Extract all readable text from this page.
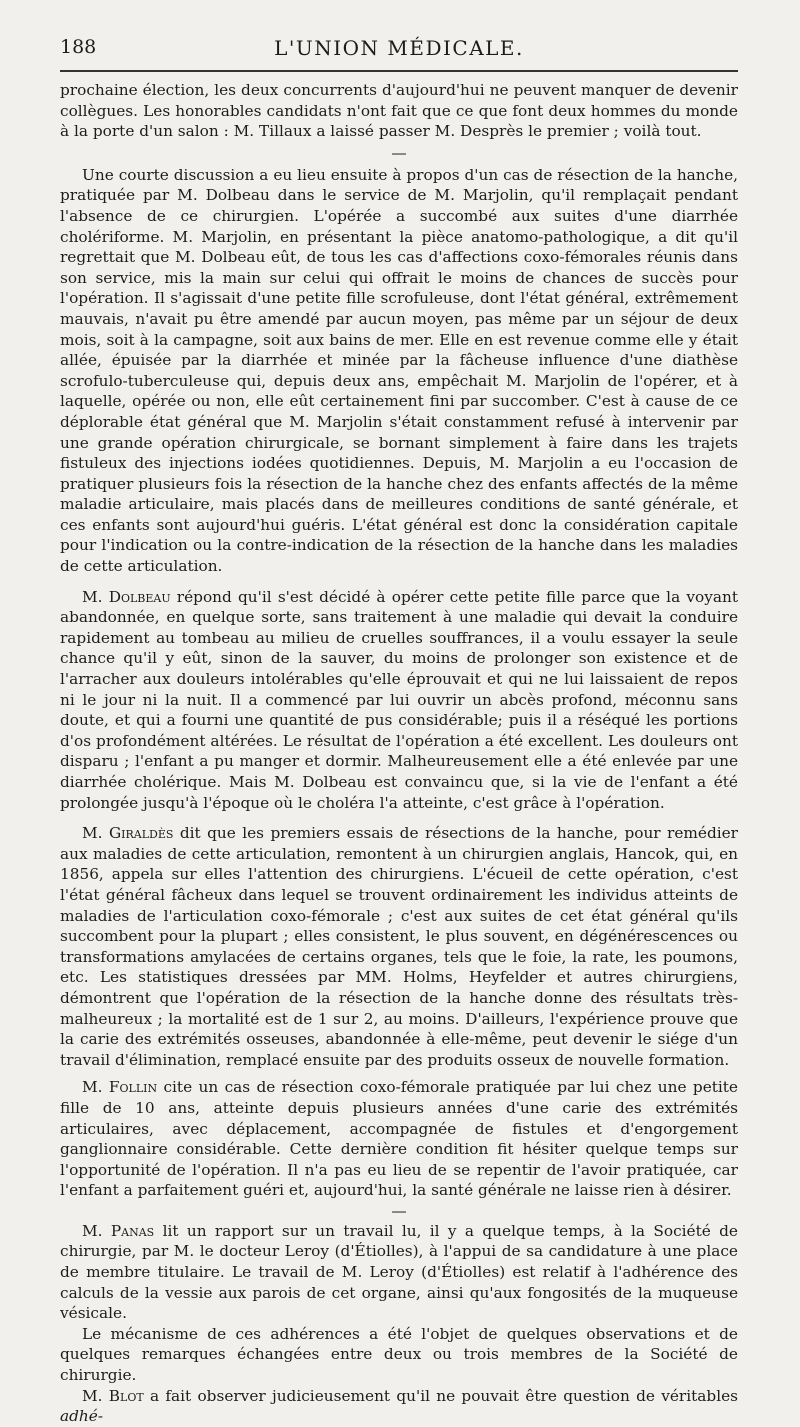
188	L'UNION MÉDICALE.

prochaine élection, les deux concurrents d'aujourd'hui ne peuvent manquer de devenir collègues. Les honorables candidats n'ont fait que ce que font deux hommes du monde à la porte d'un salon : M. Tillaux a laissé passer M. Desprès le premier ; voilà tout.

—

Une courte discussion a eu lieu ensuite à propos d'un cas de résection de la hanche, pratiquée par M. Dolbeau dans le service de M. Marjolin, qu'il remplaçait pendant l'absence de ce chirurgien. L'opérée a succombé aux suites d'une diarrhée cholériforme. M. Marjolin, en présentant la pièce anatomo-pathologique, a dit qu'il regrettait que M. Dolbeau eût, de tous les cas d'affections coxo-fémorales réunis dans son service, mis la main sur celui qui offrait le moins de chances de succès pour l'opération. Il s'agissait d'une petite fille scrofuleuse, dont l'état général, extrêmement mauvais, n'avait pu être amendé par aucun moyen, pas même par un séjour de deux mois, soit à la campagne, soit aux bains de mer. Elle en est revenue comme elle y était allée, épuisée par la diarrhée et minée par la fâcheuse influence d'une diathèse scrofulo-tuberculeuse qui, depuis deux ans, empêchait M. Marjolin de l'opérer, et à laquelle, opérée ou non, elle eût certainement fini par succomber. C'est à cause de ce déplorable état général que M. Marjolin s'était constamment refusé à intervenir par une grande opération chirurgicale, se bornant simplement à faire dans les trajets fistuleux des injections iodées quotidiennes. Depuis, M. Marjolin a eu l'occasion de pratiquer plusieurs fois la résection de la hanche chez des enfants affectés de la même maladie articulaire, mais placés dans de meilleures conditions de santé générale, et ces enfants sont aujourd'hui guéris. L'état général est donc la considération capitale pour l'indication ou la contre-indication de la résection de la hanche dans les maladies de cette articulation.

M. Dolbeau répond qu'il s'est décidé à opérer cette petite fille parce que la voyant abandonnée, en quelque sorte, sans traitement à une maladie qui devait la conduire rapidement au tombeau au milieu de cruelles souffrances, il a voulu essayer la seule chance qu'il y eût, sinon de la sauver, du moins de prolonger son existence et de l'arracher aux douleurs intolérables qu'elle éprouvait et qui ne lui laissaient de repos ni le jour ni la nuit. Il a commencé par lui ouvrir un abcès profond, méconnu sans doute, et qui a fourni une quantité de pus considérable; puis il a réséqué les portions d'os profondément altérées. Le résultat de l'opération a été excellent. Les douleurs ont disparu ; l'enfant a pu manger et dormir. Malheureusement elle a été enlevée par une diarrhée cholérique. Mais M. Dolbeau est convaincu que, si la vie de l'enfant a été prolongée jusqu'à l'époque où le choléra l'a atteinte, c'est grâce à l'opération.

M. Giraldès dit que les premiers essais de résections de la hanche, pour remédier aux maladies de cette articulation, remontent à un chirurgien anglais, Hancok, qui, en 1856, appela sur elles l'attention des chirurgiens. L'écueil de cette opération, c'est l'état général fâcheux dans lequel se trouvent ordinairement les individus atteints de maladies de l'articulation coxo-fémorale ; c'est aux suites de cet état général qu'ils succombent pour la plupart ; elles consistent, le plus souvent, en dégénérescences ou transformations amylacées de certains organes, tels que le foie, la rate, les poumons, etc. Les statistiques dressées par MM. Holms, Heyfelder et autres chirurgiens, démontrent que l'opération de la résection de la hanche donne des résultats très-malheureux ; la mortalité est de 1 sur 2, au moins. D'ailleurs, l'expérience prouve que la carie des extrémités osseuses, abandonnée à elle-même, peut devenir le siége d'un travail d'élimination, remplacé ensuite par des produits osseux de nouvelle formation.

M. Follin cite un cas de résection coxo-fémorale pratiquée par lui chez une petite fille de 10 ans, atteinte depuis plusieurs années d'une carie des extrémités articulaires, avec déplacement, accompagnée de fistules et d'engorgement ganglionnaire considérable. Cette dernière condition fit hésiter quelque temps sur l'opportunité de l'opération. Il n'a pas eu lieu de se repentir de l'avoir pratiquée, car l'enfant a parfaitement guéri et, aujourd'hui, la santé générale ne laisse rien à désirer.

—

M. Panas lit un rapport sur un travail lu, il y a quelque temps, à la Société de chirurgie, par M. le docteur Leroy (d'Étiolles), à l'appui de sa candidature à une place de membre titulaire. Le travail de M. Leroy (d'Étiolles) est relatif à l'adhérence des calculs de la vessie aux parois de cet organe, ainsi qu'aux fongosités de la muqueuse vésicale.

Le mécanisme de ces adhérences a été l'objet de quelques observations et de quelques remarques échangées entre deux ou trois membres de la Société de chirurgie.

M. Blot a fait observer judicieusement qu'il ne pouvait être question de véritables adhé-
